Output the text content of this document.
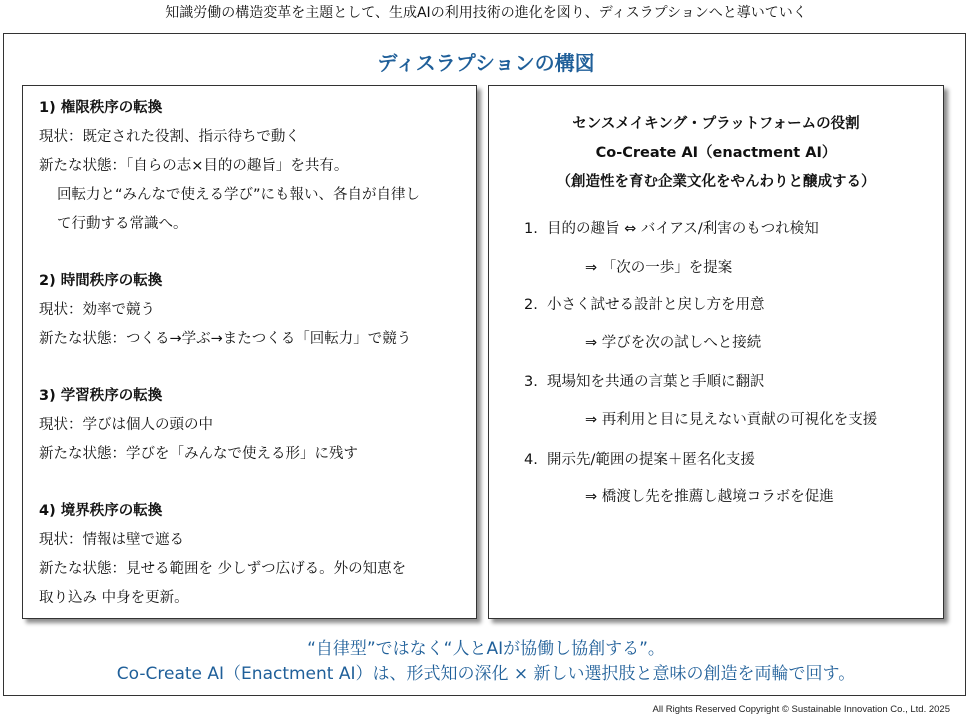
知識労働の構造変革を主題として、生成AIの利用技術の進化を図り、ディスラプションへと導いていく
ディスラプションの構図
1) 権限秩序の転換
現状：既定された役割、指示待ちで動く
新たな状態：「自らの志×目的の趣旨」を共有。
回転力と“みんなで使える学び”にも報い、各自が自律し
て行動する常識へ。
2) 時間秩序の転換
現状：効率で競う
新たな状態：つくる→学ぶ→またつくる「回転力」で競う
3) 学習秩序の転換
現状：学びは個人の頭の中
新たな状態：学びを「みんなで使える形」に残す
4) 境界秩序の転換
現状：情報は壁で遮る
新たな状態：見せる範囲を 少しずつ広げる。外の知恵を
取り込み 中身を更新。
センスメイキング・プラットフォームの役割
Co-Create AI（enactment AI）
（創造性を育む企業文化をやんわりと醸成する）
1. 目的の趣旨 ⇔ バイアス/利害のもつれ検知
⇒ 「次の一歩」を提案
2. 小さく試せる設計と戻し方を用意
⇒ 学びを次の試しへと接続
3. 現場知を共通の言葉と手順に翻訳
⇒ 再利用と目に見えない貢献の可視化を支援
4. 開示先/範囲の提案＋匿名化支援
⇒ 橋渡し先を推薦し越境コラボを促進
“自律型”ではなく“人とAIが協働し協創する”。
Co-Create AI（Enactment AI）は、形式知の深化 × 新しい選択肢と意味の創造を両輪で回す。
All Rights Reserved Copyright © Sustainable Innovation Co., Ltd. 2025
